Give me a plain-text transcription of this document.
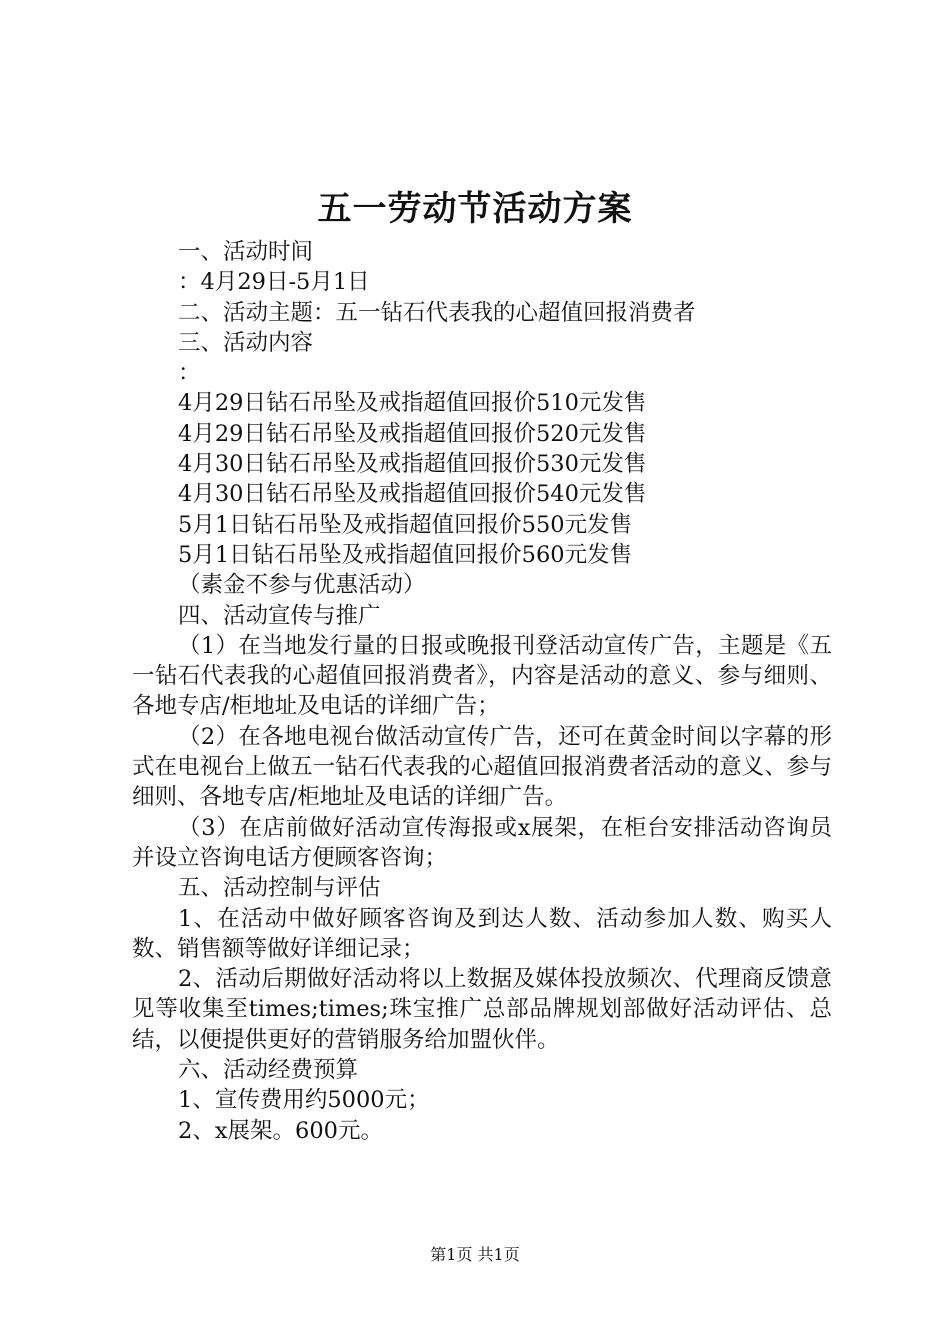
五一劳动节活动方案
一、活动时间
：4月29日-5月1日
二、活动主题：五一钻石代表我的心超值回报消费者
三、活动内容
：
4月29日钻石吊坠及戒指超值回报价510元发售
4月29日钻石吊坠及戒指超值回报价520元发售
4月30日钻石吊坠及戒指超值回报价530元发售
4月30日钻石吊坠及戒指超值回报价540元发售
5月1日钻石吊坠及戒指超值回报价550元发售
5月1日钻石吊坠及戒指超值回报价560元发售
（素金不参与优惠活动）
四、活动宣传与推广
（1）在当地发行量的日报或晚报刊登活动宣传广告，主题是《五一钻石代表我的心超值回报消费者》，内容是活动的意义、参与细则、各地专店/柜地址及电话的详细广告；
（2）在各地电视台做活动宣传广告，还可在黄金时间以字幕的形式在电视台上做五一钻石代表我的心超值回报消费者活动的意义、参与细则、各地专店/柜地址及电话的详细广告。
（3）在店前做好活动宣传海报或x展架，在柜台安排活动咨询员并设立咨询电话方便顾客咨询；
五、活动控制与评估
1、在活动中做好顾客咨询及到达人数、活动参加人数、购买人数、销售额等做好详细记录；
2、活动后期做好活动将以上数据及媒体投放频次、代理商反馈意见等收集至times;times;珠宝推广总部品牌规划部做好活动评估、总结，以便提供更好的营销服务给加盟伙伴。
六、活动经费预算
1、宣传费用约5000元；
2、x展架。600元。
第1页 共1页
